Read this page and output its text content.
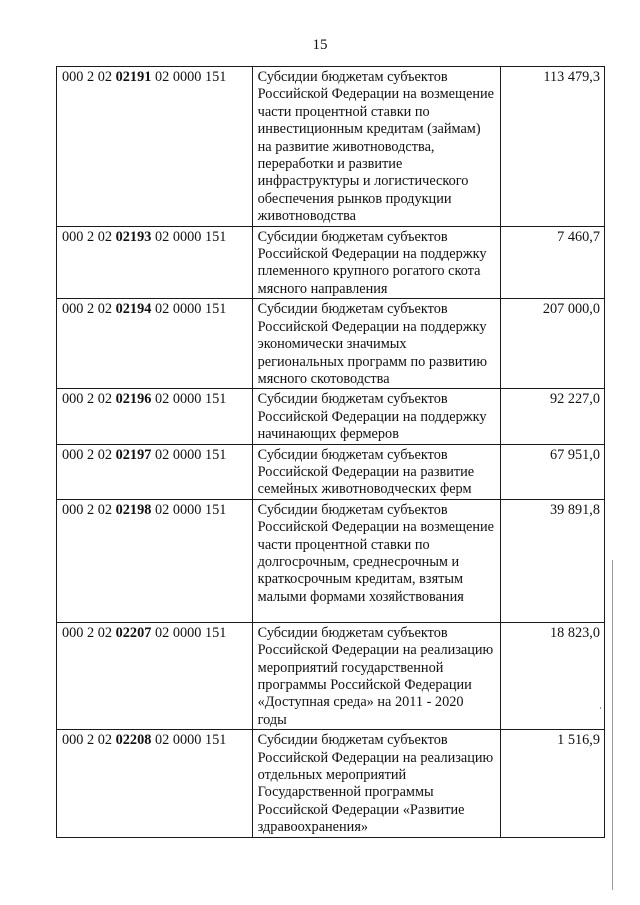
15
000 2 02 02191 02 0000 151	Субсидии бюджетам субъектов Российской Федерации на возмещение части процентной ставки по инвестиционным кредитам (займам) на развитие животноводства, переработки и развитие инфраструктуры и логистического обеспечения рынков продукции животноводства	113 479,3
000 2 02 02193 02 0000 151	Субсидии бюджетам субъектов Российской Федерации на поддержку племенного крупного рогатого скота мясного направления	7 460,7
000 2 02 02194 02 0000 151	Субсидии бюджетам субъектов Российской Федерации на поддержку экономически значимых региональных программ по развитию мясного скотоводства	207 000,0
000 2 02 02196 02 0000 151	Субсидии бюджетам субъектов Российской Федерации на поддержку начинающих фермеров	92 227,0
000 2 02 02197 02 0000 151	Субсидии бюджетам субъектов Российской Федерации на развитие семейных животноводческих ферм	67 951,0
000 2 02 02198 02 0000 151	Субсидии бюджетам субъектов Российской Федерации на возмещение части процентной ставки по долгосрочным, среднесрочным и краткосрочным кредитам, взятым малыми формами хозяйствования	39 891,8
000 2 02 02207 02 0000 151	Субсидии бюджетам субъектов Российской Федерации на реализацию мероприятий государственной программы Российской Федерации «Доступная среда» на 2011 - 2020 годы	18 823,0
000 2 02 02208 02 0000 151	Субсидии бюджетам субъектов Российской Федерации на реализацию отдельных мероприятий Государственной программы Российской Федерации «Развитие здравоохранения»	1 516,9
